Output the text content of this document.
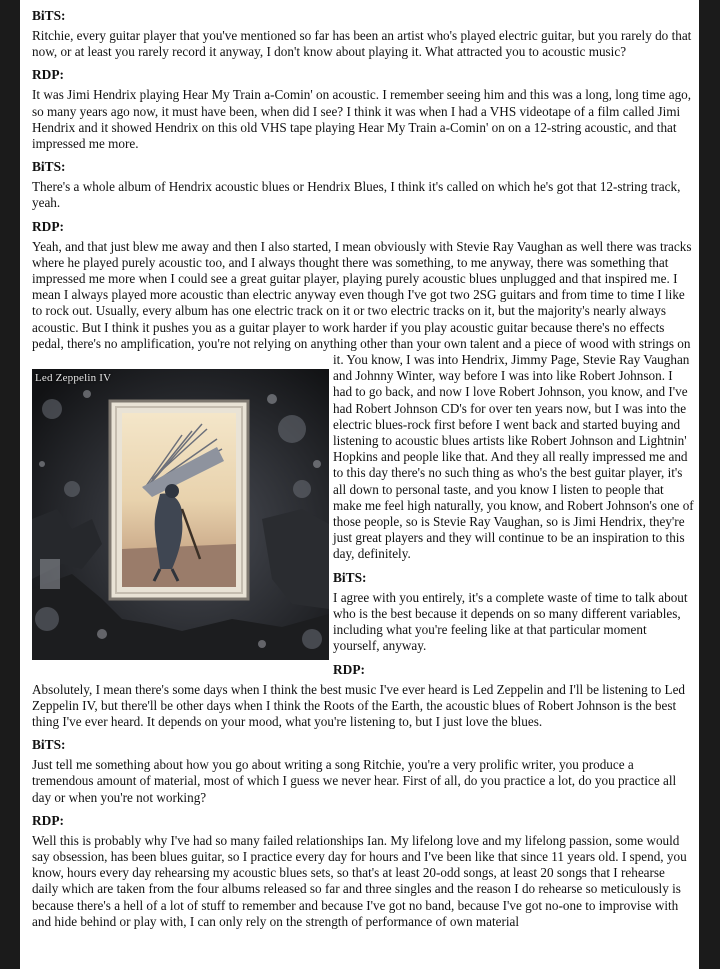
BiTS:
Ritchie, every guitar player that you've mentioned so far has been an artist who's played electric guitar, but you rarely do that now, or at least you rarely record it anyway, I don't know about playing it. What attracted you to acoustic music?
RDP:
It was Jimi Hendrix playing Hear My Train a-Comin' on acoustic. I remember seeing him and this was a long, long time ago, so many years ago now, it must have been, when did I see? I think it was when I had a VHS videotape of a film called Jimi Hendrix and it showed Hendrix on this old VHS tape playing Hear My Train a-Comin' on on a 12-string acoustic, and that impressed me more.
BiTS:
There's a whole album of Hendrix acoustic blues or Hendrix Blues, I think it's called on which he's got that 12-string track, yeah.
RDP:
Led Zeppelin IV
Yeah, and that just blew me away and then I also started, I mean obviously with Stevie Ray Vaughan as well there was tracks where he played purely acoustic too, and I always thought there was something, to me anyway, there was something that impressed me more when I could see a great guitar player, playing purely acoustic blues unplugged and that inspired me. I mean I always played more acoustic than electric anyway even though I've got two 2SG guitars and from time to time I like to rock out. Usually, every album has one electric track on it or two electric tracks on it, but the majority's nearly always acoustic. But I think it pushes you as a guitar player to work harder if you play acoustic guitar because there's no effects pedal, there's no amplification, you're not relying on anything other than your own talent and a piece of wood with strings on it. You know, I was into Hendrix, Jimmy Page, Stevie Ray Vaughan and Johnny Winter, way before I was into like Robert Johnson. I had to go back, and now I love Robert Johnson, you know, and I've had Robert Johnson CD's for over ten years now, but I was into the electric blues-rock first before I went back and started buying and listening to acoustic blues artists like Robert Johnson and Lightnin' Hopkins and people like that. And they all really impressed me and to this day there's no such thing as who's the best guitar player, it's all down to personal taste, and you know I listen to people that make me feel high naturally, you know, and Robert Johnson's one of those people, so is Stevie Ray Vaughan, so is Jimi Hendrix, they're just great players and they will continue to be an inspiration to this day, definitely.
BiTS:
I agree with you entirely, it's a complete waste of time to talk about who is the best because it depends on so many different variables, including what you're feeling like at that particular moment yourself, anyway.
RDP:
Absolutely, I mean there's some days when I think the best music I've ever heard is Led Zeppelin and I'll be listening to Led Zeppelin IV, but there'll be other days when I think the Roots of the Earth, the acoustic blues of Robert Johnson is the best thing I've ever heard. It depends on your mood, what you're listening to, but I just love the blues.
BiTS:
Just tell me something about how you go about writing a song Ritchie, you're a very prolific writer, you produce a tremendous amount of material, most of which I guess we never hear. First of all, do you practice a lot, do you practice all day or when you're not working?
RDP:
Well this is probably why I've had so many failed relationships Ian. My lifelong love and my lifelong passion, some would say obsession, has been blues guitar, so I practice every day for hours and I've been like that since 11 years old. I spend, you know, hours every day rehearsing my acoustic blues sets, so that's at least 20-odd songs, at least 20 songs that I rehearse daily which are taken from the four albums released so far and three singles and the reason I do rehearse so meticulously is because there's a hell of a lot of stuff to remember and because I've got no band, because I've got no-one to improvise with and hide behind or play with, I can only rely on the strength of performance of own material
